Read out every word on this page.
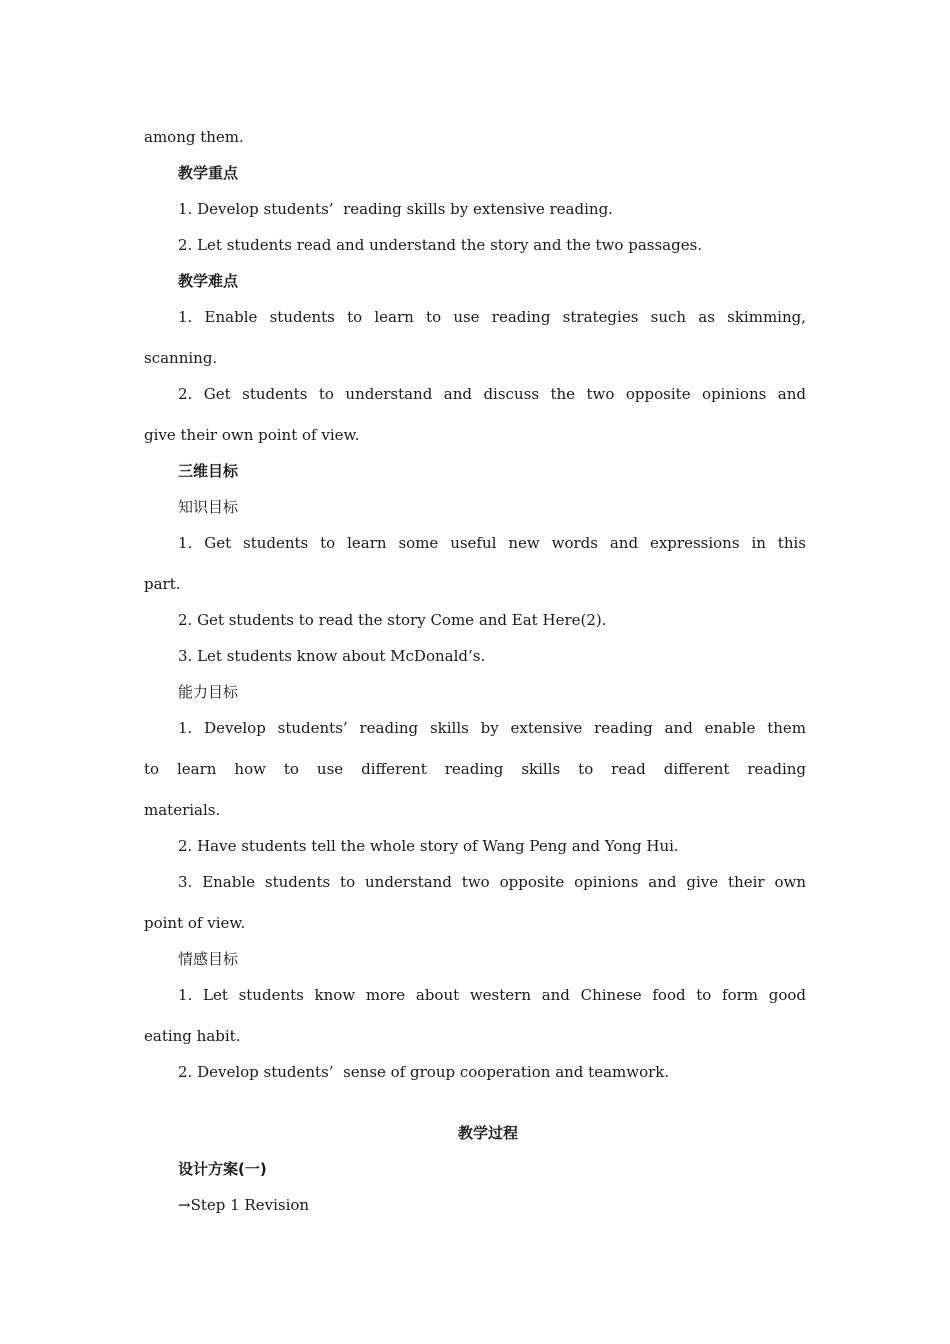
among them.
教学重点
1. Develop students’  reading skills by extensive reading.
2. Let students read and understand the story and the two passages.
教学难点
1. Enable students to learn to use reading strategies such as skimming,
scanning.
2. Get students to understand and discuss the two opposite opinions and
give their own point of view.
三维目标
知识目标
1. Get students to learn some useful new words and expressions in this
part.
2. Get students to read the story Come and Eat Here(2).
3. Let students know about McDonald’s.
能力目标
1. Develop students’ reading skills by extensive reading and enable them
to learn how to use different reading skills to read different reading
materials.
2. Have students tell the whole story of Wang Peng and Yong Hui.
3. Enable students to understand two opposite opinions and give their own
point of view.
情感目标
1. Let students know more about western and Chinese food to form good
eating habit.
2. Develop students’  sense of group cooperation and teamwork.
教学过程
设计方案(一)
→Step 1 Revision
